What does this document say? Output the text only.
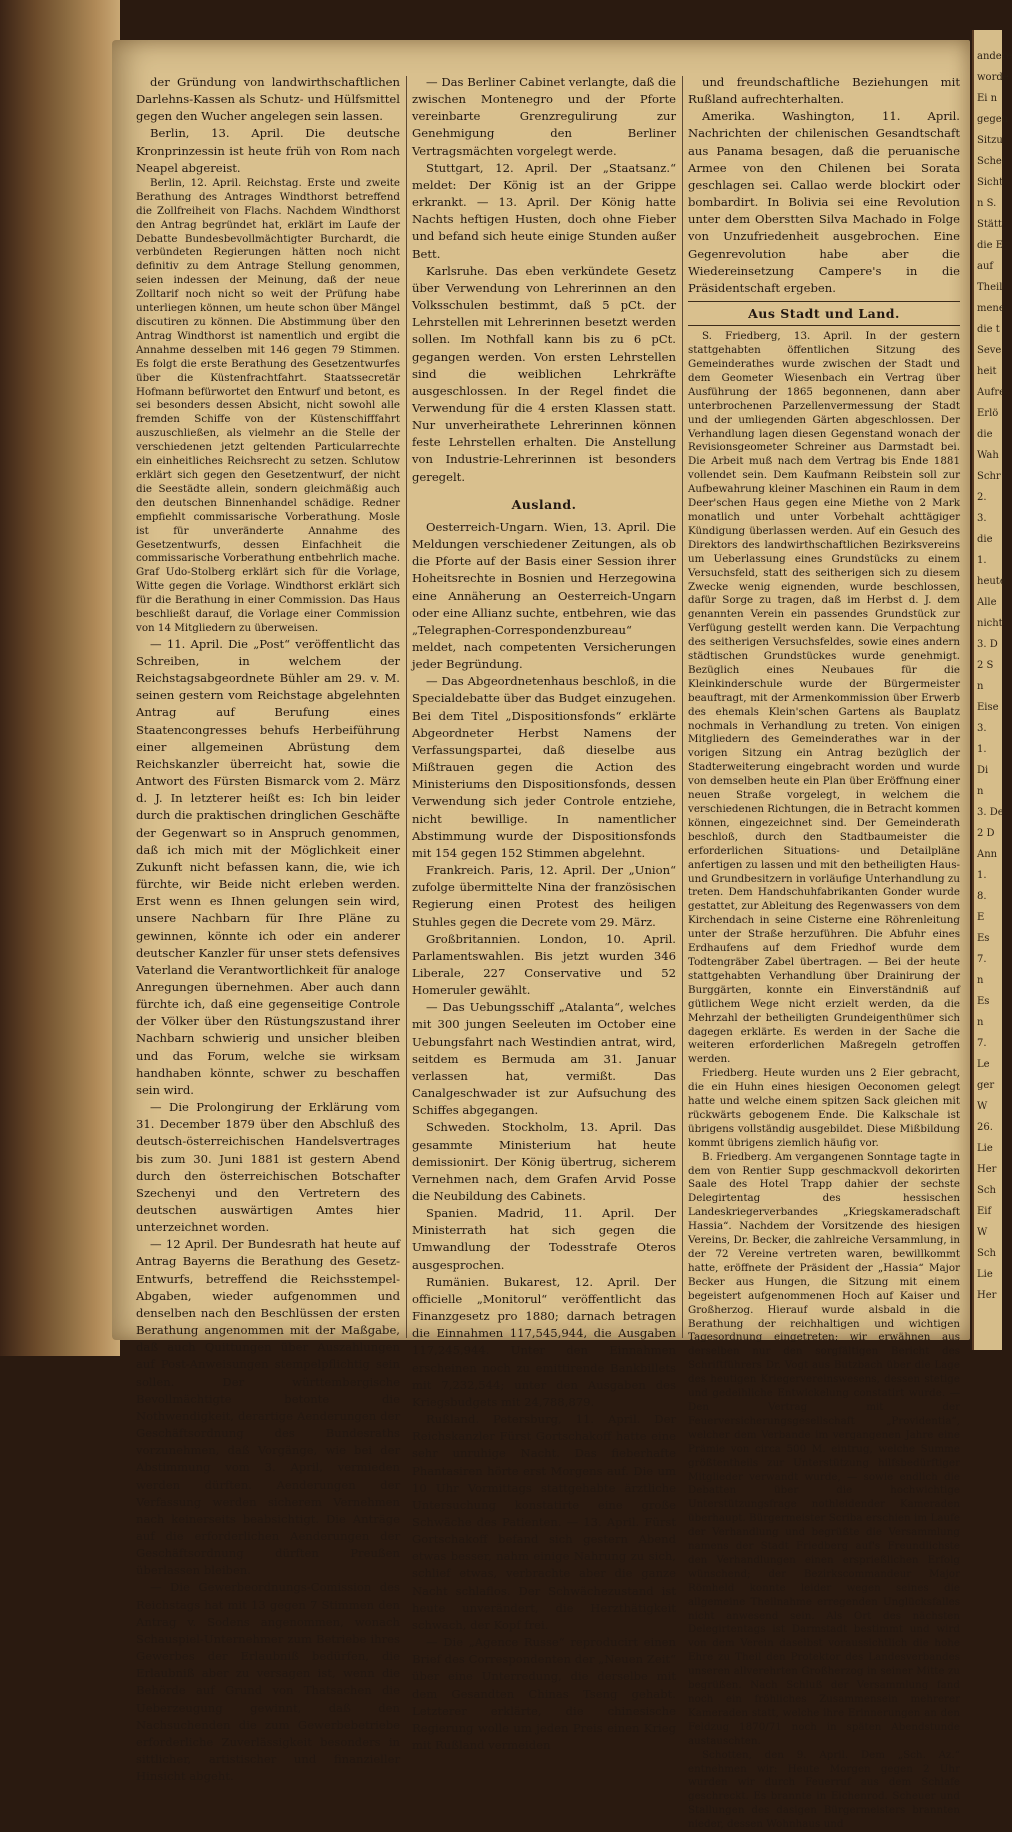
andere
worde
Ei n
gegen
Sitzu
Schei
Sicht
n S.
Stätt
die E
auf
Theil
mene
die t
Seve
heit
Aufre
Erlö
die
Wah
Schr
2.
3.
die
1.
heute
Alle
nicht
3. D
2 S
n
Eise
3.
1.
Di
n
3. De
2 D
Ann
1.
8.
E
Es
7.
n
Es
n
7.
Le
ger
W
26.
Lie
Her
Sch
Eif
W
Sch
Lie
Her

der Gründung von landwirthschaftlichen Darlehns-Kassen als Schutz- und Hülfsmittel gegen den Wucher angelegen sein lassen.

Berlin, 13. April. Die deutsche Kronprinzessin ist heute früh von Rom nach Neapel abgereist.

Berlin, 12. April. Reichstag. Erste und zweite Berathung des Antrages Windthorst betreffend die Zollfreiheit von Flachs. Nachdem Windthorst den Antrag begründet hat, erklärt im Laufe der Debatte Bundesbevollmächtigter Burchardt, die verbündeten Regierungen hätten noch nicht definitiv zu dem Antrage Stellung genommen, seien indessen der Meinung, daß der neue Zolltarif noch nicht so weit der Prüfung habe unterliegen können, um heute schon über Mängel discutiren zu können. Die Abstimmung über den Antrag Windthorst ist namentlich und ergibt die Annahme desselben mit 146 gegen 79 Stimmen. Es folgt die erste Berathung des Gesetzentwurfes über die Küstenfrachtfahrt. Staatssecretär Hofmann befürwortet den Entwurf und betont, es sei besonders dessen Absicht, nicht sowohl alle fremden Schiffe von der Küstenschifffahrt auszuschließen, als vielmehr an die Stelle der verschiedenen jetzt geltenden Particularrechte ein einheitliches Reichsrecht zu setzen. Schlutow erklärt sich gegen den Gesetzentwurf, der nicht die Seestädte allein, sondern gleichmäßig auch den deutschen Binnenhandel schädige. Redner empfiehlt commissarische Vorberathung. Mosle ist für unveränderte Annahme des Gesetzentwurfs, dessen Einfachheit die commissarische Vorberathung entbehrlich mache. Graf Udo-Stolberg erklärt sich für die Vorlage, Witte gegen die Vorlage. Windthorst erklärt sich für die Berathung in einer Commission. Das Haus beschließt darauf, die Vorlage einer Commission von 14 Mitgliedern zu überweisen.

— 11. April. Die „Post“ veröffentlicht das Schreiben, in welchem der Reichstagsabgeordnete Bühler am 29. v. M. seinen gestern vom Reichstage abgelehnten Antrag auf Berufung eines Staatencongresses behufs Herbeiführung einer allgemeinen Abrüstung dem Reichskanzler überreicht hat, sowie die Antwort des Fürsten Bismarck vom 2. März d. J. In letzterer heißt es: Ich bin leider durch die praktischen dringlichen Geschäfte der Gegenwart so in Anspruch genommen, daß ich mich mit der Möglichkeit einer Zukunft nicht befassen kann, die, wie ich fürchte, wir Beide nicht erleben werden. Erst wenn es Ihnen gelungen sein wird, unsere Nachbarn für Ihre Pläne zu gewinnen, könnte ich oder ein anderer deutscher Kanzler für unser stets defensives Vaterland die Verantwortlichkeit für analoge Anregungen übernehmen. Aber auch dann fürchte ich, daß eine gegenseitige Controle der Völker über den Rüstungszustand ihrer Nachbarn schwierig und unsicher bleiben und das Forum, welche sie wirksam handhaben könnte, schwer zu beschaffen sein wird.

— Die Prolongirung der Erklärung vom 31. December 1879 über den Abschluß des deutsch-österreichischen Handelsvertrages bis zum 30. Juni 1881 ist gestern Abend durch den österreichischen Botschafter Szechenyi und den Vertretern des deutschen auswärtigen Amtes hier unterzeichnet worden.

— 12 April. Der Bundesrath hat heute auf Antrag Bayerns die Berathung des Gesetz-Entwurfs, betreffend die Reichsstempel-Abgaben, wieder aufgenommen und denselben nach den Beschlüssen der ersten Berathung angenommen mit der Maßgabe, daß auch Quittungen über Auszahlungen auf Post-Anweisungen stempelpflichtig sein sollen. Der württembergische Bevollmächtigte betonte die Nothwendigkeit, derartige Aenderungen der Geschäftsordnung des Bundesraths vorzunehmen, daß Vorgänge, wie bei der Abstimmung vom 3. April, vermieden werden dürften. Aenderungen der Verfassung werden sicherem Vernehmen nach keinerseits beabsichtigt. Die Anträge auf die erforderlichen Aenderungen der Geschäftsordnung dürften Preußen überlassen bleiben.

— Die Gewerbeordnungs-Comission des Reichstags hat mit 13 gegen 7 Stimmen den Antrag v. Sodens angenommen, wonach Schauspiel-Unternehmer zum Betriebe ihres Gewerbes der Erlaubniß bedürfen, die Erlaubniß aber zu versagen ist, wenn die Behörde auf Grund von Thatsachen die Ueberzeugung gewinnt, daß den Nachsuchenden die zum Gewerbebetriebe erforderliche Zuverlässigkeit besonders in sittlicher, artistischer und finanzieller Hinsicht abgeht.

— Das Berliner Cabinet verlangte, daß die zwischen Montenegro und der Pforte vereinbarte Grenzregulirung zur Genehmigung den Berliner Vertragsmächten vorgelegt werde.

Stuttgart, 12. April. Der „Staatsanz.“ meldet: Der König ist an der Grippe erkrankt. — 13. April. Der König hatte Nachts heftigen Husten, doch ohne Fieber und befand sich heute einige Stunden außer Bett.

Karlsruhe. Das eben verkündete Gesetz über Verwendung von Lehrerinnen an den Volksschulen bestimmt, daß 5 pCt. der Lehrstellen mit Lehrerinnen besetzt werden sollen. Im Nothfall kann bis zu 6 pCt. gegangen werden. Von ersten Lehrstellen sind die weiblichen Lehrkräfte ausgeschlossen. In der Regel findet die Verwendung für die 4 ersten Klassen statt. Nur unverheirathete Lehrerinnen können feste Lehrstellen erhalten. Die Anstellung von Industrie-Lehrerinnen ist besonders geregelt.

Ausland.

Oesterreich-Ungarn. Wien, 13. April. Die Meldungen verschiedener Zeitungen, als ob die Pforte auf der Basis einer Session ihrer Hoheitsrechte in Bosnien und Herzegowina eine Annäherung an Oesterreich-Ungarn oder eine Allianz suchte, entbehren, wie das „Telegraphen-Correspondenzbureau“ meldet, nach competenten Versicherungen jeder Begründung.

— Das Abgeordnetenhaus beschloß, in die Specialdebatte über das Budget einzugehen. Bei dem Titel „Dispositionsfonds“ erklärte Abgeordneter Herbst Namens der Verfassungspartei, daß dieselbe aus Mißtrauen gegen die Action des Ministeriums den Dispositionsfonds, dessen Verwendung sich jeder Controle entziehe, nicht bewillige. In namentlicher Abstimmung wurde der Dispositionsfonds mit 154 gegen 152 Stimmen abgelehnt.

Frankreich. Paris, 12. April. Der „Union“ zufolge übermittelte Nina der französischen Regierung einen Protest des heiligen Stuhles gegen die Decrete vom 29. März.

Großbritannien. London, 10. April. Parlamentswahlen. Bis jetzt wurden 346 Liberale, 227 Conservative und 52 Homeruler gewählt.

— Das Uebungsschiff „Atalanta“, welches mit 300 jungen Seeleuten im October eine Uebungsfahrt nach Westindien antrat, wird, seitdem es Bermuda am 31. Januar verlassen hat, vermißt. Das Canalgeschwader ist zur Aufsuchung des Schiffes abgegangen.

Schweden. Stockholm, 13. April. Das gesammte Ministerium hat heute demissionirt. Der König übertrug, sicherem Vernehmen nach, dem Grafen Arvid Posse die Neubildung des Cabinets.

Spanien. Madrid, 11. April. Der Ministerrath hat sich gegen die Umwandlung der Todesstrafe Oteros ausgesprochen.

Rumänien. Bukarest, 12. April. Der officielle „Monitorul“ veröffentlicht das Finanzgesetz pro 1880; darnach betragen die Einnahmen 117,545,944, die Ausgaben 117,245,944. Unter den Einnahmen erscheinen noch zu emittirende Bankbillets mit 7,232,544; unter den Ausgaben des Kriegsbudgets mit 24,788,879.

Rußland. Petersburg, 11. April. Der Reichskanzler Fürst Gortschakoff hatte eine sehr unruhige Nacht. Das fieberhafte Phantasiren hörte erst Morgens auf. Die um 10 Uhr Vormittags stattgehabte ärztliche Untersuchung konstatirte eine große Schwäche des Patienten. — 13. April. Fürst Gortschakoff befand sich gestern Abend etwas besser, nahm einige Nahrung zu sich, schlief etwas, verbrachte aber die ganze Nacht schlaflos. Der Schwächezustand ist heute unverändert, die Herzthätigkeit schwach, der Kopf frei.

— Die „Agence Russe“ reproducirt einen Brief des Correspondenten der „Neuen Zeit“ über eine Unterredung, die derselbe mit dem Gesandten Chinas Tseng gehabt. Letzterer erklärte, die chinesische Regierung wolle um jeden Preis einen Krieg mit Rußland vermeiden

und freundschaftliche Beziehungen mit Rußland aufrechterhalten.

Amerika. Washington, 11. April. Nachrichten der chilenischen Gesandtschaft aus Panama besagen, daß die peruanische Armee von den Chilenen bei Sorata geschlagen sei. Callao werde blockirt oder bombardirt. In Bolivia sei eine Revolution unter dem Oberstten Silva Machado in Folge von Unzufriedenheit ausgebrochen. Eine Gegenrevolution habe aber die Wiedereinsetzung Campere's in die Präsidentschaft ergeben.

Aus Stadt und Land.

S. Friedberg, 13. April. In der gestern stattgehabten öffentlichen Sitzung des Gemeinderathes wurde zwischen der Stadt und dem Geometer Wiesenbach ein Vertrag über Ausführung der 1865 begonnenen, dann aber unterbrochenen Parzellenvermessung der Stadt und der umliegenden Gärten abgeschlossen. Der Verhandlung lagen diesen Gegenstand wonach der Revisionsgeometer Schreiner aus Darmstadt bei. Die Arbeit muß nach dem Vertrag bis Ende 1881 vollendet sein. Dem Kaufmann Reibstein soll zur Aufbewahrung kleiner Maschinen ein Raum in dem Deer'schen Haus gegen eine Miethe von 2 Mark monatlich und unter Vorbehalt achttägiger Kündigung überlassen werden. Auf ein Gesuch des Direktors des landwirthschaftlichen Bezirksvereins um Ueberlassung eines Grundstücks zu einem Versuchsfeld, statt des seitherigen sich zu diesem Zwecke wenig eignenden, wurde beschlossen, dafür Sorge zu tragen, daß im Herbst d. J. dem genannten Verein ein passendes Grundstück zur Verfügung gestellt werden kann. Die Verpachtung des seitherigen Versuchsfeldes, sowie eines andern städtischen Grundstückes wurde genehmigt. Bezüglich eines Neubaues für die Kleinkinderschule wurde der Bürgermeister beauftragt, mit der Armenkommission über Erwerb des ehemals Klein'schen Gartens als Bauplatz nochmals in Verhandlung zu treten. Von einigen Mitgliedern des Gemeinderathes war in der vorigen Sitzung ein Antrag bezüglich der Stadterweiterung eingebracht worden und wurde von demselben heute ein Plan über Eröffnung einer neuen Straße vorgelegt, in welchem die verschiedenen Richtungen, die in Betracht kommen können, eingezeichnet sind. Der Gemeinderath beschloß, durch den Stadtbaumeister die erforderlichen Situations- und Detailpläne anfertigen zu lassen und mit den betheiligten Haus- und Grundbesitzern in vorläufige Unterhandlung zu treten. Dem Handschuhfabrikanten Gonder wurde gestattet, zur Ableitung des Regenwassers von dem Kirchendach in seine Cisterne eine Röhrenleitung unter der Straße herzuführen. Die Abfuhr eines Erdhaufens auf dem Friedhof wurde dem Todtengräber Zabel übertragen. — Bei der heute stattgehabten Verhandlung über Drainirung der Burggärten, konnte ein Einverständniß auf gütlichem Wege nicht erzielt werden, da die Mehrzahl der betheiligten Grundeigenthümer sich dagegen erklärte. Es werden in der Sache die weiteren erforderlichen Maßregeln getroffen werden.

Friedberg. Heute wurden uns 2 Eier gebracht, die ein Huhn eines hiesigen Oeconomen gelegt hatte und welche einem spitzen Sack gleichen mit rückwärts gebogenem Ende. Die Kalkschale ist übrigens vollständig ausgebildet. Diese Mißbildung kommt übrigens ziemlich häufig vor.

B. Friedberg. Am vergangenen Sonntage tagte in dem von Rentier Supp geschmackvoll dekorirten Saale des Hotel Trapp dahier der sechste Delegirtentag des hessischen Landeskriegerverbandes „Kriegskameradschaft Hassia“. Nachdem der Vorsitzende des hiesigen Vereins, Dr. Becker, die zahlreiche Versammlung, in der 72 Vereine vertreten waren, bewillkommt hatte, eröffnete der Präsident der „Hassia“ Major Becker aus Hungen, die Sitzung mit einem begeistert aufgenommenen Hoch auf Kaiser und Großherzog. Hierauf wurde alsbald in die Berathung der reichhaltigen und wichtigen Tagesordnung eingetreten; wir erwähnen aus derselben nur den sorgfältigen Bericht des Schriftführers Dr. Vogt aus Butzbach über die Lage des heutigen Kriegervereinswesens, dessen stetige und gedeihliche Entwickelung constatirt wurde. — Den Vertrag mit der Feuerversicherungsgesellschaft „Providentia“, welcher dem Verbande im vergangenen Jahre eine Prämie von circa 500 M. eintrug, welche Summe größtentheils zur Unterstützung hilfsbedürftiger Mitglieder verwandt wurde, — sowie endlich die Debatten über die hochwichtige Unterstützungsfrage nothleidender Kameraden überhaupt. Bürgermeister Scriba erschien im Laufe der Verhandlung und begrüßte die Versammlung namens der Stadt Friedberg auf's Freundlichste den Verhandlungen einen ersprießlichen Erfolg wünschend; der Bezirkscommandeur Major Römheld konnte leider wegen seines die allgemeine Theilnahme erregenden Unglücksfalles nicht anwesend sein. Als Ort des nächsten Delegirtentags ist Darmstadt bestimmt und wird von dem Verein daselbst voraussichtlich die hohe Ehre zu Theil den Protektor des Landesverbandes unseren allverehrten Großherzog in seiner Mitte zu begrüßen. Nach Schluß der Versammlung fand noch ein fröhliches Zusammensein mehrerer Kameraden statt, welche ihre Erinnerungen an den Feldzug 1870/71 noch in späten Abendstunde austauschten.

Schotten, den 9. April. Dem „Sch. Az.“ entnehmen wir: Heute Morgen gegen 2 Uhr wurden wir durch Feuerruf aus dem Schlafe geschreckt. Es brannte in Eichenrod. Scheuer und Stallungen des dasigen Bürgermeisters brannten nieder, dessen Wohnhaus und
